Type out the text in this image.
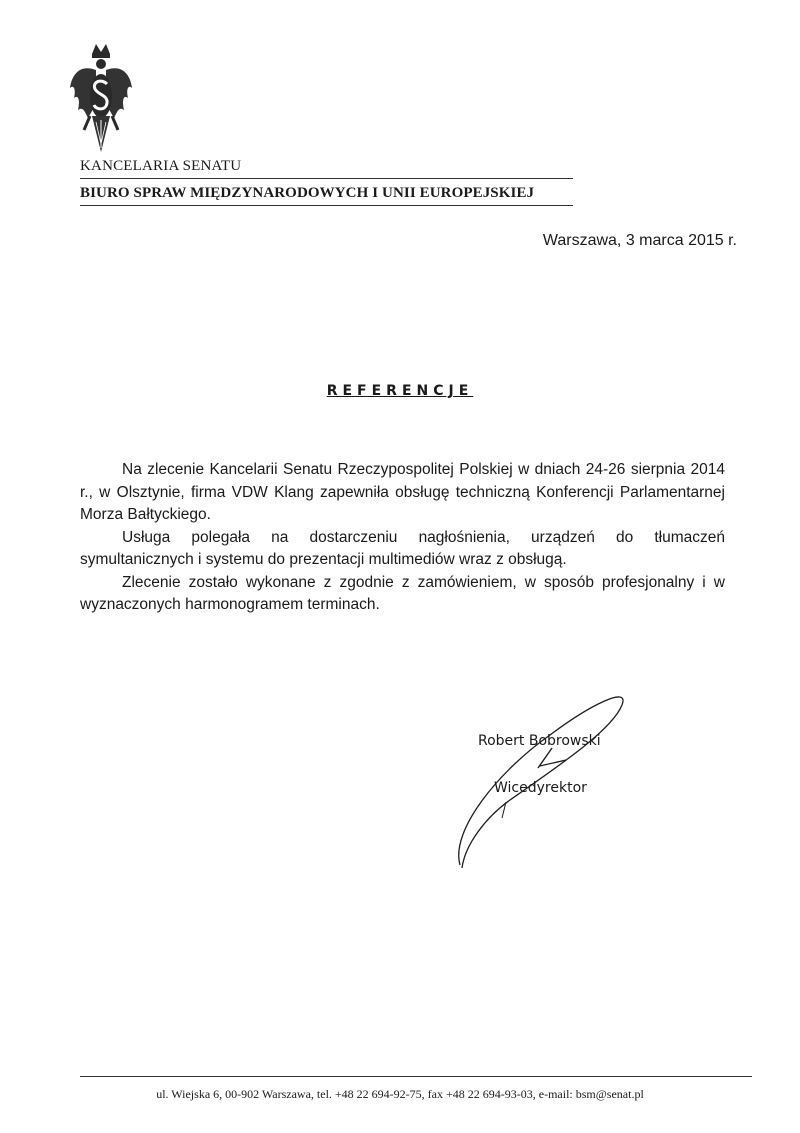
KANCELARIA SENATU
BIURO SPRAW MIĘDZYNARODOWYCH I UNII EUROPEJSKIEJ
Warszawa, 3 marca 2015 r.
REFERENCJE

Na zlecenie Kancelarii Senatu Rzeczypospolitej Polskiej w dniach 24-26 sierpnia 2014 r., w Olsztynie, firma VDW Klang zapewniła obsługę techniczną Konferencji Parlamentarnej Morza Bałtyckiego.

Usługa polegała na dostarczeniu nagłośnienia, urządzeń do tłumaczeń symultanicznych i systemu do prezentacji multimediów wraz z obsługą.

Zlecenie zostało wykonane z zgodnie z zamówieniem, w sposób profesjonalny i w wyznaczonych harmonogramem terminach.

Robert Bobrowski
Wicedyrektor
ul. Wiejska 6, 00-902 Warszawa, tel. +48 22 694-92-75, fax +48 22 694-93-03, e-mail: bsm@senat.pl
